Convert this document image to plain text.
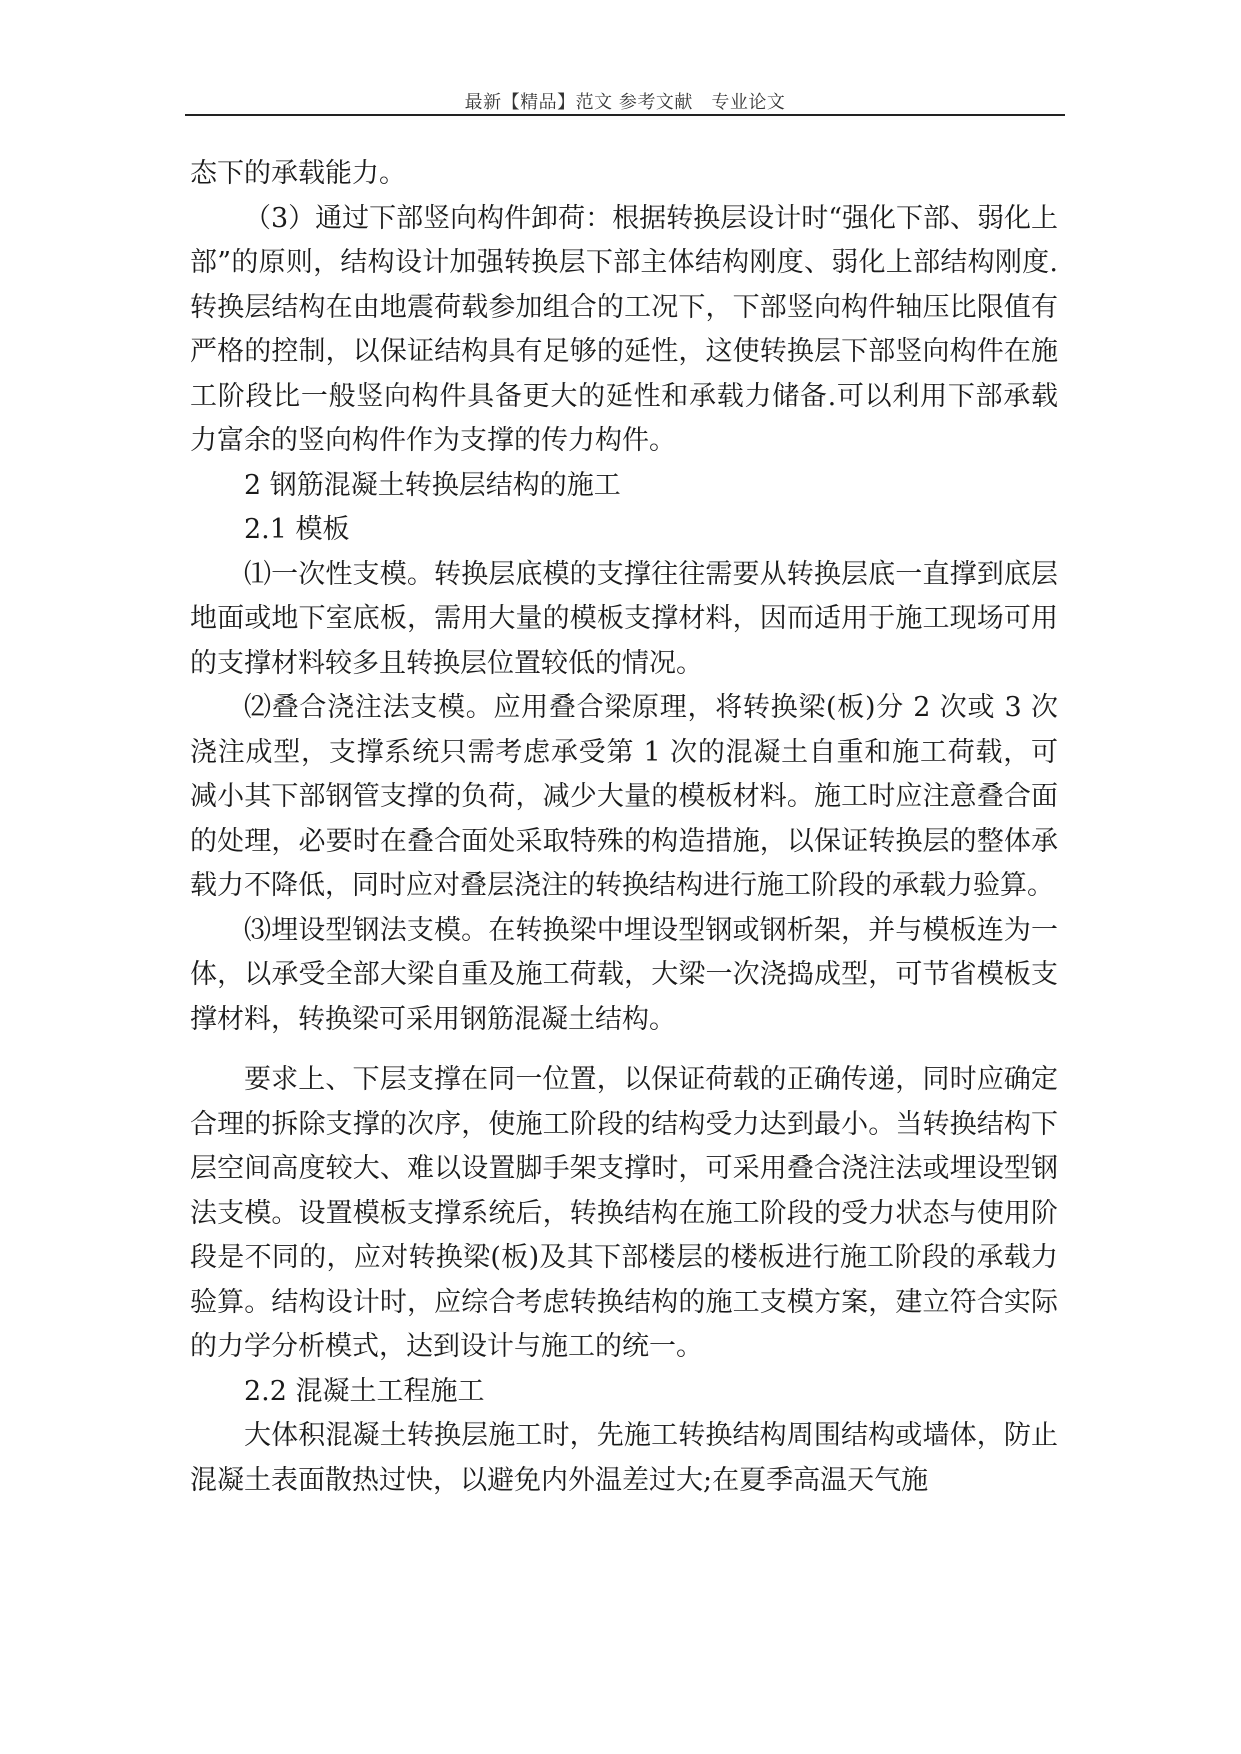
最新【精品】范文 参考文献　专业论文

态下的承载能力。

（3）通过下部竖向构件卸荷：根据转换层设计时“强化下部、弱化上部”的原则，结构设计加强转换层下部主体结构刚度、弱化上部结构刚度.转换层结构在由地震荷载参加组合的工况下，下部竖向构件轴压比限值有严格的控制，以保证结构具有足够的延性，这使转换层下部竖向构件在施工阶段比一般竖向构件具备更大的延性和承载力储备.可以利用下部承载力富余的竖向构件作为支撑的传力构件。

2 钢筋混凝土转换层结构的施工

2.1 模板

⑴一次性支模。转换层底模的支撑往往需要从转换层底一直撑到底层地面或地下室底板，需用大量的模板支撑材料，因而适用于施工现场可用的支撑材料较多且转换层位置较低的情况。

⑵叠合浇注法支模。应用叠合梁原理，将转换梁(板)分 2 次或 3 次浇注成型，支撑系统只需考虑承受第 1 次的混凝土自重和施工荷载，可减小其下部钢管支撑的负荷，减少大量的模板材料。施工时应注意叠合面的处理，必要时在叠合面处采取特殊的构造措施，以保证转换层的整体承载力不降低，同时应对叠层浇注的转换结构进行施工阶段的承载力验算。

⑶埋设型钢法支模。在转换梁中埋设型钢或钢析架，并与模板连为一体，以承受全部大梁自重及施工荷载，大梁一次浇捣成型，可节省模板支撑材料，转换梁可采用钢筋混凝土结构。

要求上、下层支撑在同一位置，以保证荷载的正确传递，同时应确定合理的拆除支撑的次序，使施工阶段的结构受力达到最小。当转换结构下层空间高度较大、难以设置脚手架支撑时，可采用叠合浇注法或埋设型钢法支模。设置模板支撑系统后，转换结构在施工阶段的受力状态与使用阶段是不同的，应对转换梁(板)及其下部楼层的楼板进行施工阶段的承载力验算。结构设计时，应综合考虑转换结构的施工支模方案，建立符合实际的力学分析模式，达到设计与施工的统一。

2.2 混凝土工程施工

大体积混凝土转换层施工时，先施工转换结构周围结构或墙体，防止混凝土表面散热过快，以避免内外温差过大;在夏季高温天气施
